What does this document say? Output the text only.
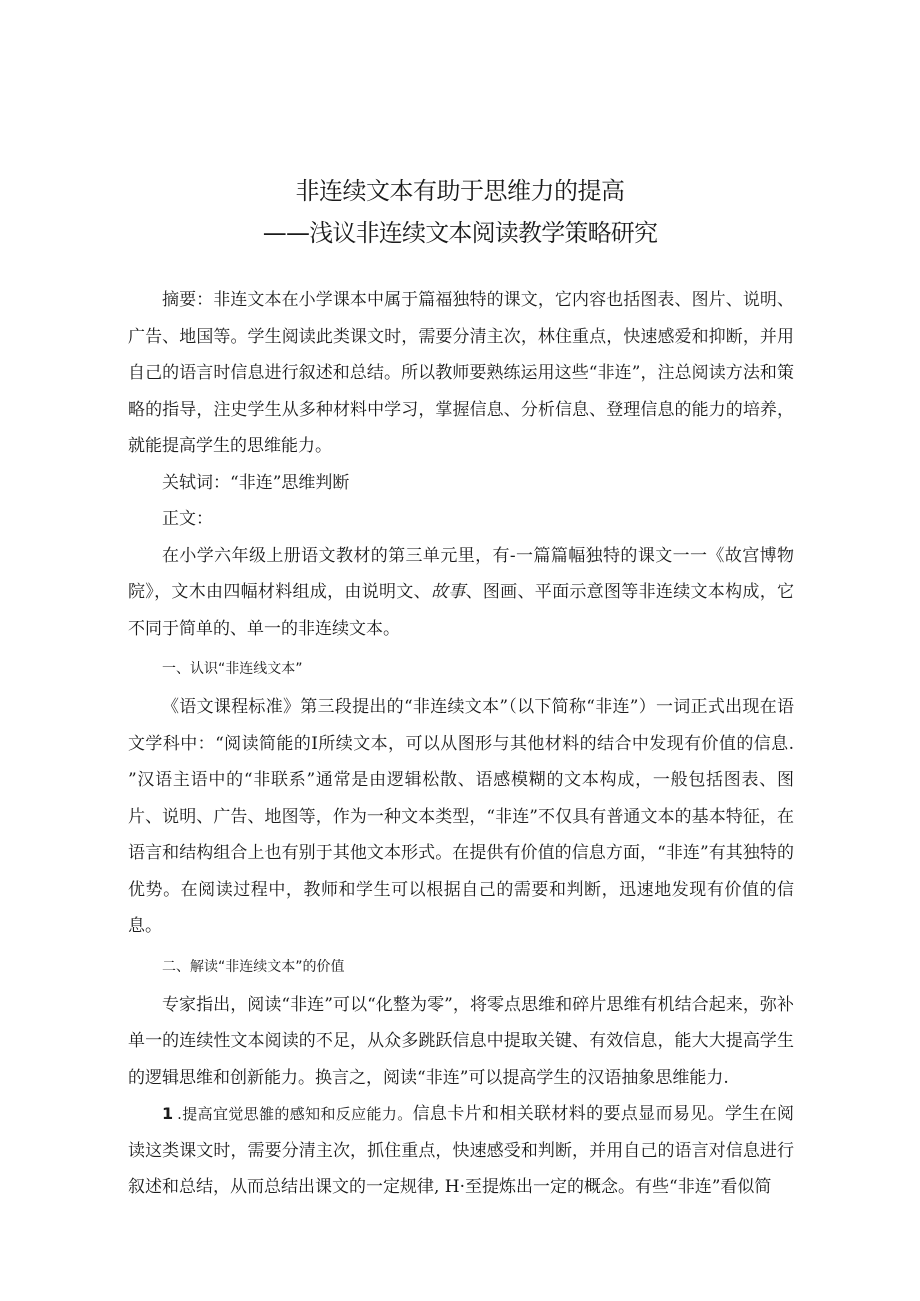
非连续文本有助于思维力的提高
——浅议非连续文本阅读教学策略研究

摘要：非连文本在小学课本中属于篇福独特的课文，它内容也括图表、图片、说明、广告、地国等。学生阅读此类课文时，需要分清主次，林住重点，快速感爱和抑断，并用自己的语言时信息进行叙述和总结。所以教师要熟练运用这些“非连”，注总阅读方法和策略的指导，注史学生从多种材料中学习，掌握信息、分析信息、登理信息的能力的培养，就能提高学生的思维能力。

关轼词：“非连”思维判断

正文：

在小学六年级上册语文教材的第三单元里，有-一篇篇幅独特的课文一一《故宫博物院》，文木由四幅材料组成，由说明文、故事、图画、平面示意图等非连续文本构成，它不同于简单的、单一的非连续文本。

一、认识“非连线文本”

《语文课程标准》第三段提出的“非连续文本”（以下简称“非连”）一词正式出现在语文学科中：“阅读简能的I所续文本，可以从图形与其他材料的结合中发现有价值的信息. ”汉语主语中的“非联系”通常是由逻辑松散、语感模糊的文本构成，一般包括图表、图片、说明、广告、地图等，作为一种文本类型，“非连”不仅具有普通文本的基本特征，在语言和结构组合上也有别于其他文本形式。在提供有价值的信息方面，“非连”有其独特的优势。在阅读过程中，教师和学生可以根据自己的需要和判断，迅速地发现有价值的信息。

二、解读“非连续文本”的价值

专家指出，阅读“非连”可以“化整为零”，将零点思维和碎片思维有机结合起来，弥补单一的连续性文本阅读的不足，从众多跳跃信息中提取关键、有效信息，能大大提高学生的逻辑思维和创新能力。换言之，阅读“非连”可以提高学生的汉语抽象思维能力.

1 .提高宜觉思雒的感知和反应能力。信息卡片和相关联材料的要点显而易见。学生在阅读这类课文时，需要分清主次，抓住重点，快速感受和判断，并用自己的语言对信息进行叙述和总结，从而总结出课文的一定规律, H·至提炼出一定的概念。有些“非连”看似简
